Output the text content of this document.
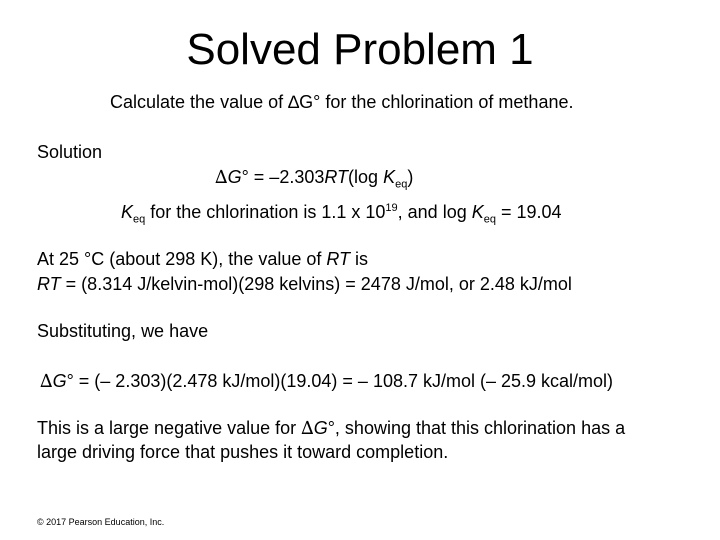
Solved Problem 1
Calculate the value of ∆G° for the chlorination of methane.
Solution
∆G° = –2.303RT(log $K_{eq}$)
$K_{eq}$ for the chlorination is 1.1 x $10^{19}$, and $\log K_{eq} = 19.04$
At 25 °C (about 298 K), the value of RT is
RT = (8.314 J/kelvin-mol)(298 kelvins) = 2478 J/mol, or 2.48 kJ/mol
Substituting, we have
∆G° = (– 2.303)(2.478 kJ/mol)(19.04) = – 108.7 kJ/mol (– 25.9 kcal/mol)
This is a large negative value for ∆G°, showing that this chlorination has a
large driving force that pushes it toward completion.
© 2017 Pearson Education, Inc.
